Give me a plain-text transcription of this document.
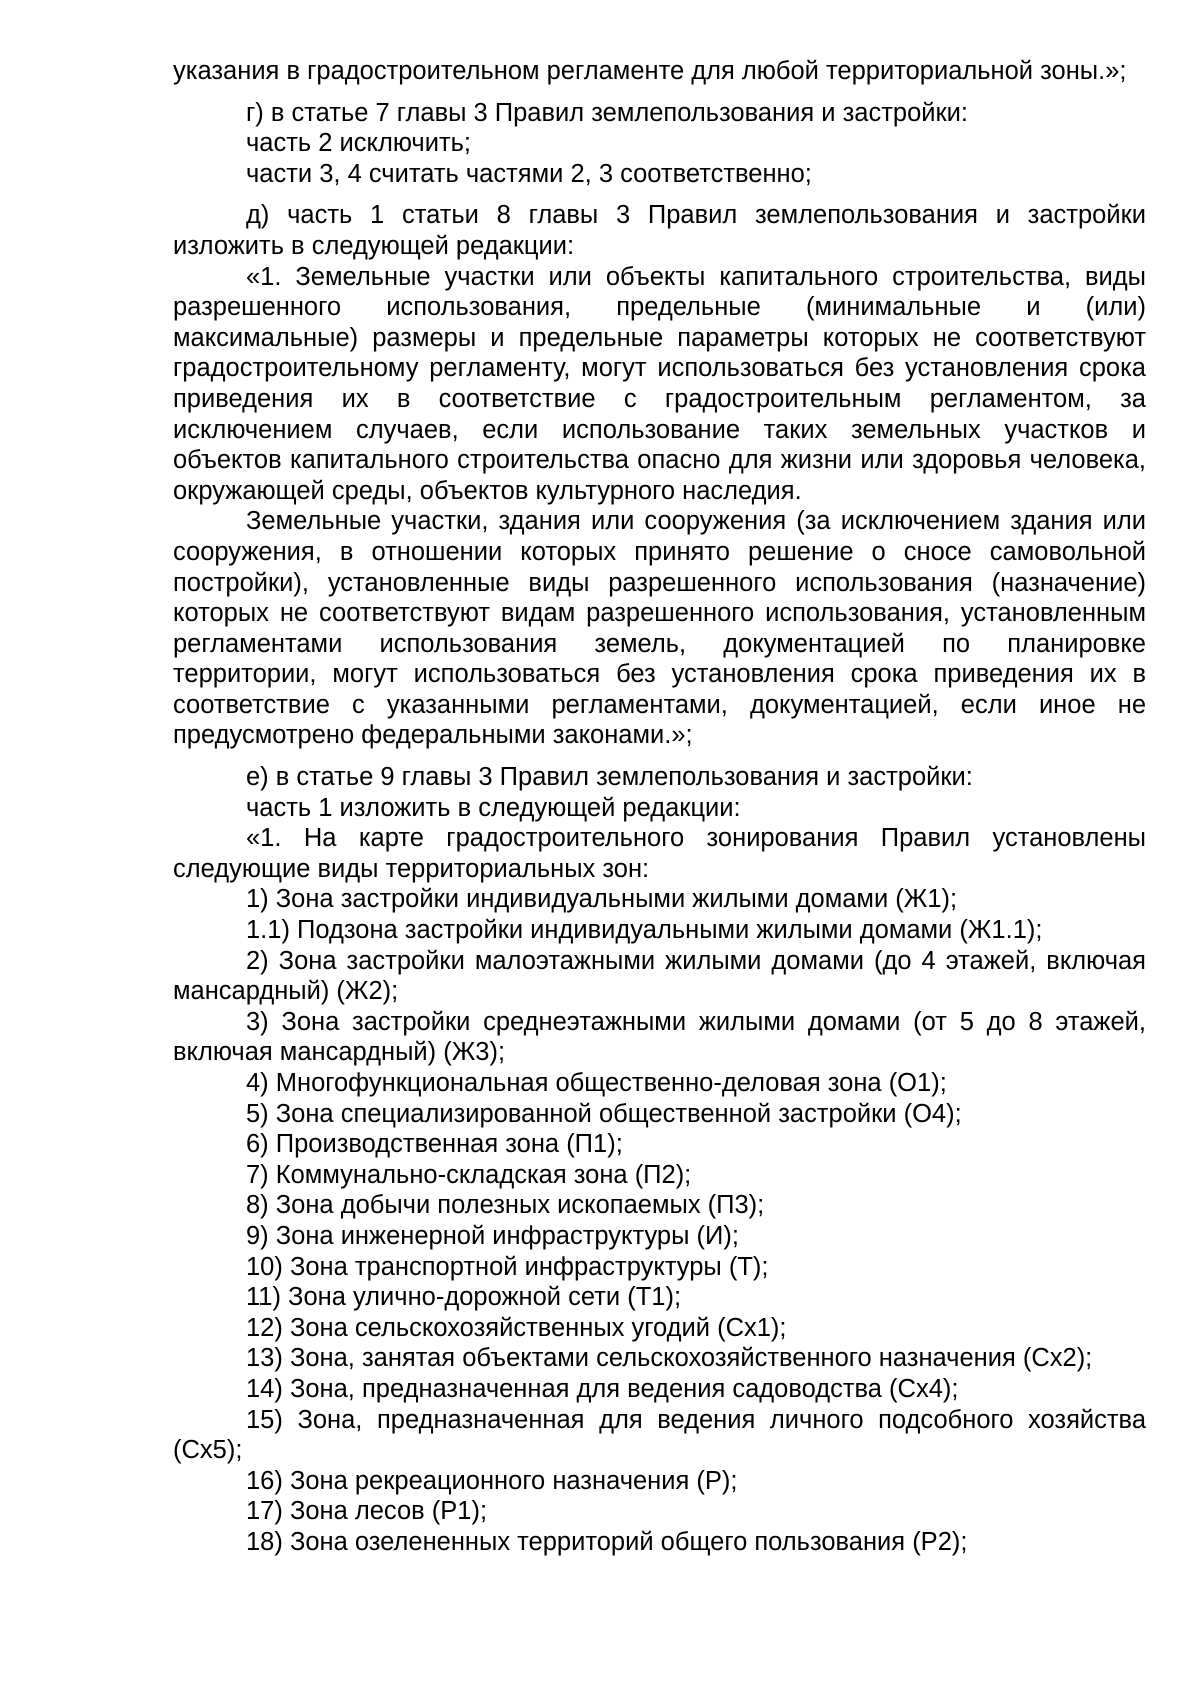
указания в градостроительном регламенте для любой территориальной зоны.»;

г) в статье 7 главы 3 Правил землепользования и застройки:

часть 2 исключить;

части 3, 4 считать частями 2, 3 соответственно;

д) часть 1 статьи 8 главы 3 Правил землепользования и застройки изложить в следующей редакции:

«1. Земельные участки или объекты капитального строительства, виды разрешенного использования, предельные (минимальные и (или) максимальные) размеры и предельные параметры которых не соответствуют градостроительному регламенту, могут использоваться без установления срока приведения их в соответствие с градостроительным регламентом, за исключением случаев, если использование таких земельных участков и объектов капитального строительства опасно для жизни или здоровья человека, окружающей среды, объектов культурного наследия.

Земельные участки, здания или сооружения (за исключением здания или сооружения, в отношении которых принято решение о сносе самовольной постройки), установленные виды разрешенного использования (назначение) которых не соответствуют видам разрешенного использования, установленным регламентами использования земель, документацией по планировке территории, могут использоваться без установления срока приведения их в соответствие с указанными регламентами, документацией, если иное не предусмотрено федеральными законами.»;

е) в статье 9 главы 3 Правил землепользования и застройки:

часть 1 изложить в следующей редакции:

«1. На карте градостроительного зонирования Правил установлены следующие виды территориальных зон:

1) Зона застройки индивидуальными жилыми домами (Ж1);

1.1) Подзона застройки индивидуальными жилыми домами (Ж1.1);

2) Зона застройки малоэтажными жилыми домами (до 4 этажей, включая мансардный) (Ж2);

3) Зона застройки среднеэтажными жилыми домами (от 5 до 8 этажей, включая мансардный) (Ж3);

4) Многофункциональная общественно-деловая зона (О1);

5) Зона специализированной общественной застройки (О4);

6) Производственная зона (П1);

7) Коммунально-складская зона (П2);

8) Зона добычи полезных ископаемых (П3);

9) Зона инженерной инфраструктуры (И);

10) Зона транспортной инфраструктуры (Т);

11) Зона улично-дорожной сети (Т1);

12) Зона сельскохозяйственных угодий (Сх1);

13) Зона, занятая объектами сельскохозяйственного назначения (Сх2);

14) Зона, предназначенная для ведения садоводства (Сх4);

15) Зона, предназначенная для ведения личного подсобного хозяйства (Сх5);

16) Зона рекреационного назначения (Р);

17) Зона лесов (Р1);

18) Зона озелененных территорий общего пользования (Р2);
